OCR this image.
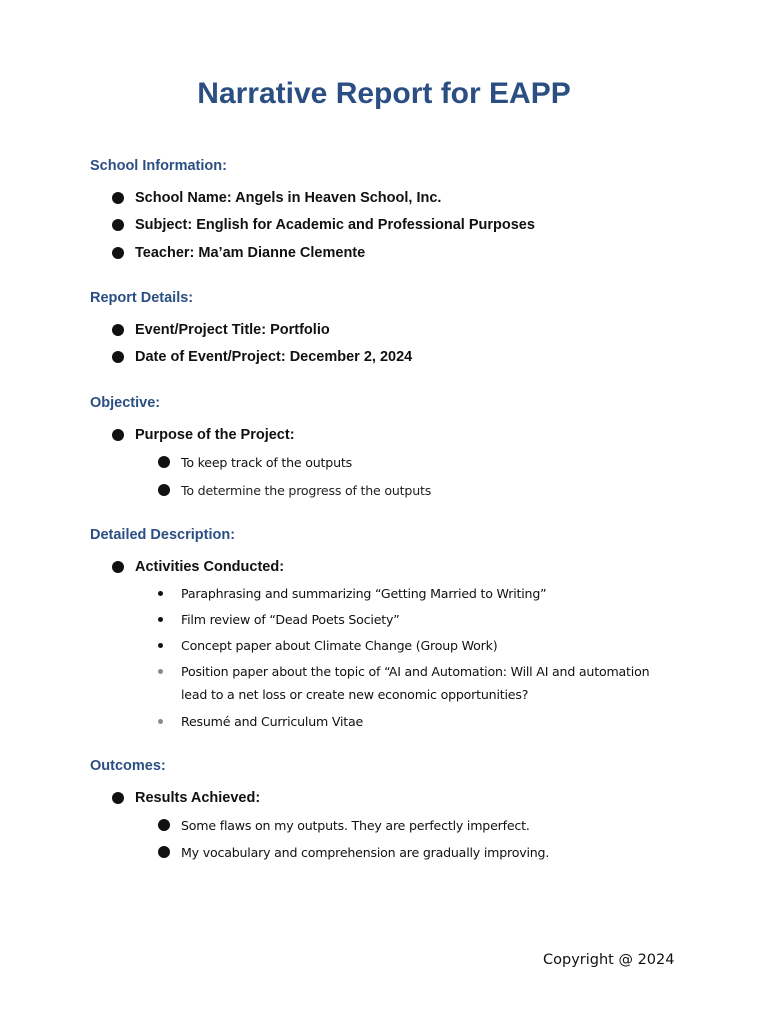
Narrative Report for EAPP
School Information:
School Name: Angels in Heaven School, Inc.
Subject: English for Academic and Professional Purposes
Teacher: Ma’am Dianne Clemente
Report Details:
Event/Project Title: Portfolio
Date of Event/Project: December 2, 2024
Objective:
Purpose of the Project:
To keep track of the outputs
To determine the progress of the outputs
Detailed Description:
Activities Conducted:
Paraphrasing and summarizing “Getting Married to Writing”
Film review of “Dead Poets Society”
Concept paper about Climate Change (Group Work)
Position paper about the topic of “AI and Automation: Will AI and automation
lead to a net loss or create new economic opportunities?
Resumé and Curriculum Vitae
Outcomes:
Results Achieved:
Some flaws on my outputs. They are perfectly imperfect.
My vocabulary and comprehension are gradually improving.
Copyright @ 2024
